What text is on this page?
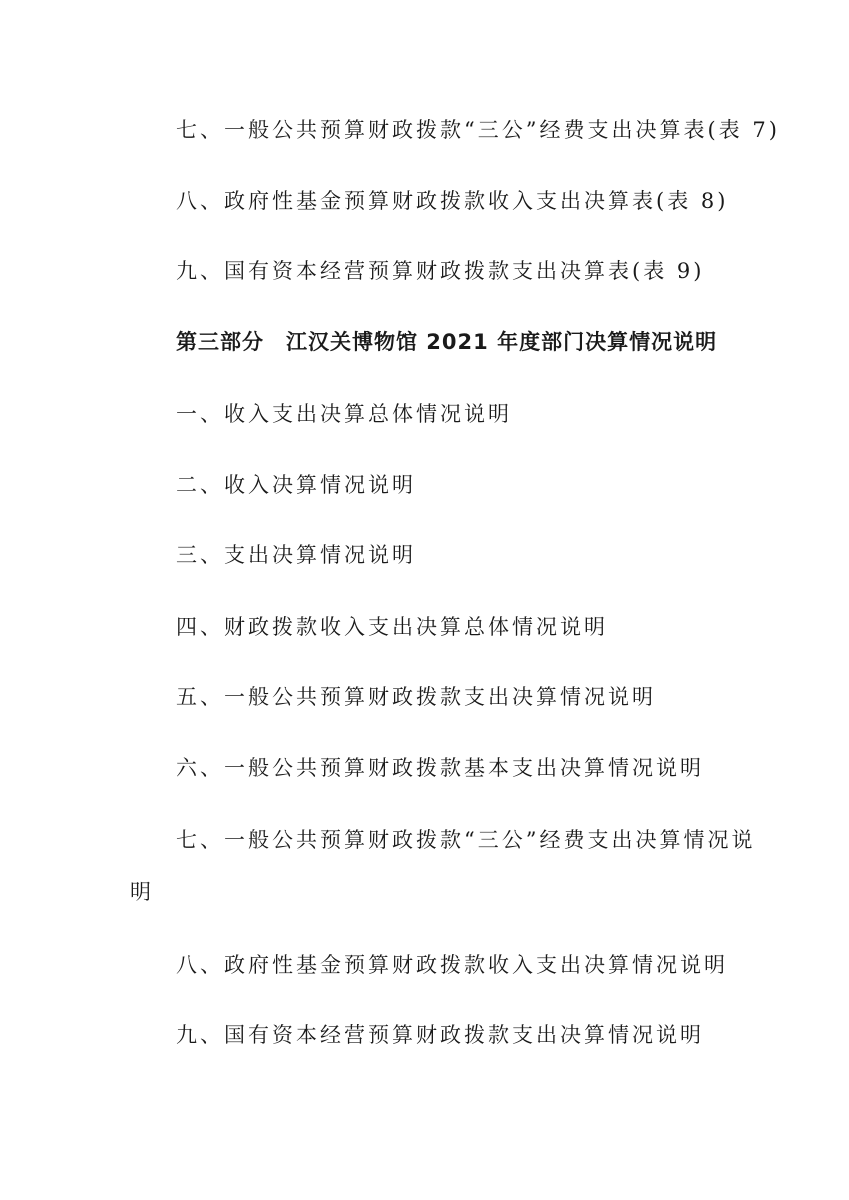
七、一般公共预算财政拨款“三公”经费支出决算表(表 7)
八、政府性基金预算财政拨款收入支出决算表(表 8)
九、国有资本经营预算财政拨款支出决算表(表 9)
第三部分　江汉关博物馆 2021 年度部门决算情况说明
一、收入支出决算总体情况说明
二、收入决算情况说明
三、支出决算情况说明
四、财政拨款收入支出决算总体情况说明
五、一般公共预算财政拨款支出决算情况说明
六、一般公共预算财政拨款基本支出决算情况说明
七、一般公共预算财政拨款“三公”经费支出决算情况说
明
八、政府性基金预算财政拨款收入支出决算情况说明
九、国有资本经营预算财政拨款支出决算情况说明
